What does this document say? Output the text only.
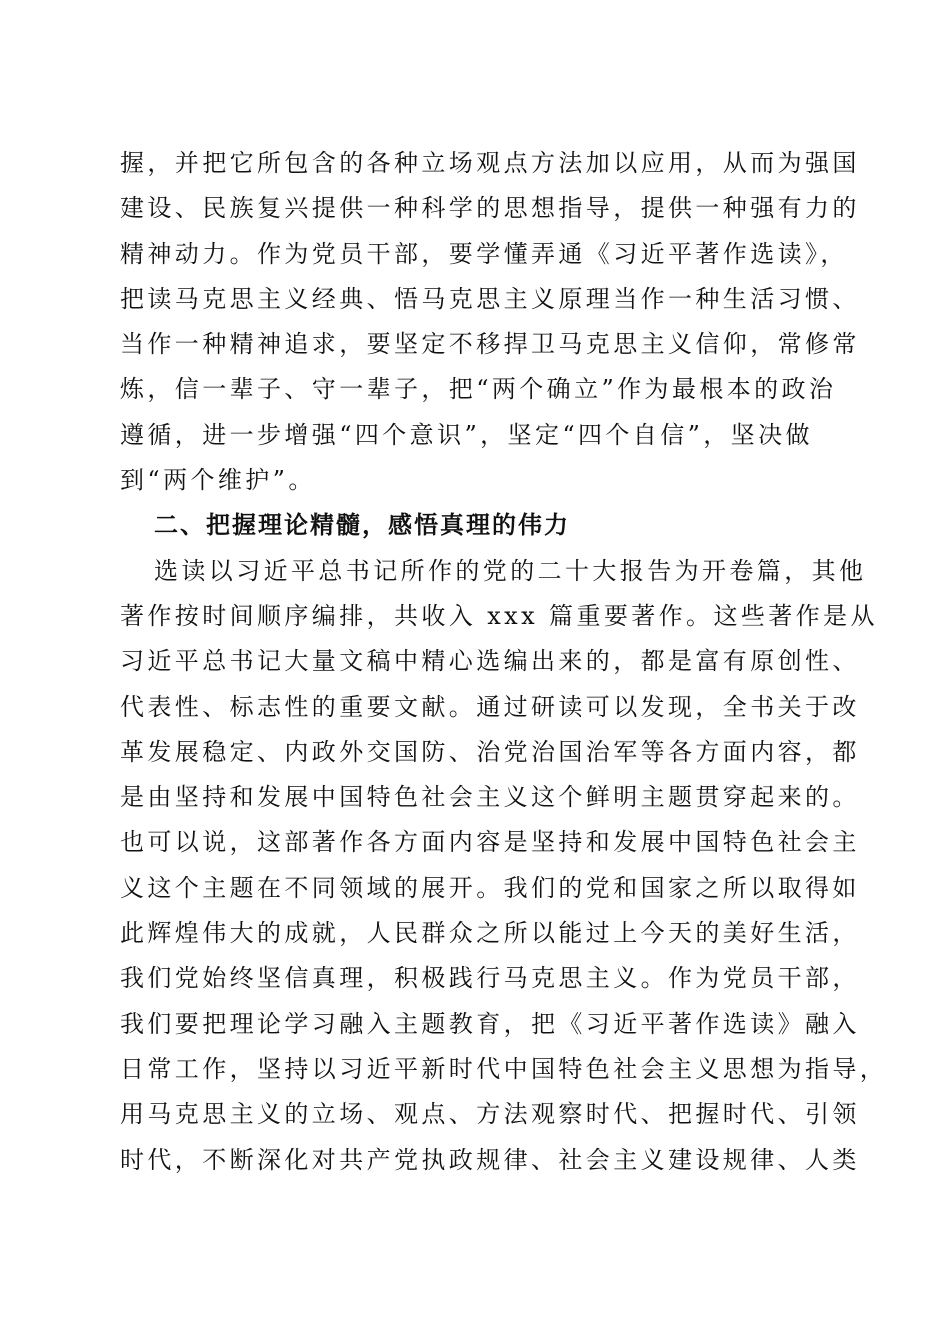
握，并把它所包含的各种立场观点方法加以应用，从而为强国
建设、民族复兴提供一种科学的思想指导，提供一种强有力的
精神动力。作为党员干部，要学懂弄通《习近平著作选读》，
把读马克思主义经典、悟马克思主义原理当作一种生活习惯、
当作一种精神追求，要坚定不移捍卫马克思主义信仰，常修常
炼，信一辈子、守一辈子，把“两个确立”作为最根本的政治
遵循，进一步增强“四个意识”，坚定“四个自信”，坚决做
到“两个维护”。
二、把握理论精髓，感悟真理的伟力
选读以习近平总书记所作的党的二十大报告为开卷篇，其他
著作按时间顺序编排，共收入 xxx 篇重要著作。这些著作是从
习近平总书记大量文稿中精心选编出来的，都是富有原创性、
代表性、标志性的重要文献。通过研读可以发现，全书关于改
革发展稳定、内政外交国防、治党治国治军等各方面内容，都
是由坚持和发展中国特色社会主义这个鲜明主题贯穿起来的。
也可以说，这部著作各方面内容是坚持和发展中国特色社会主
义这个主题在不同领域的展开。我们的党和国家之所以取得如
此辉煌伟大的成就，人民群众之所以能过上今天的美好生活，
我们党始终坚信真理，积极践行马克思主义。作为党员干部，
我们要把理论学习融入主题教育，把《习近平著作选读》融入
日常工作，坚持以习近平新时代中国特色社会主义思想为指导，
用马克思主义的立场、观点、方法观察时代、把握时代、引领
时代，不断深化对共产党执政规律、社会主义建设规律、人类
